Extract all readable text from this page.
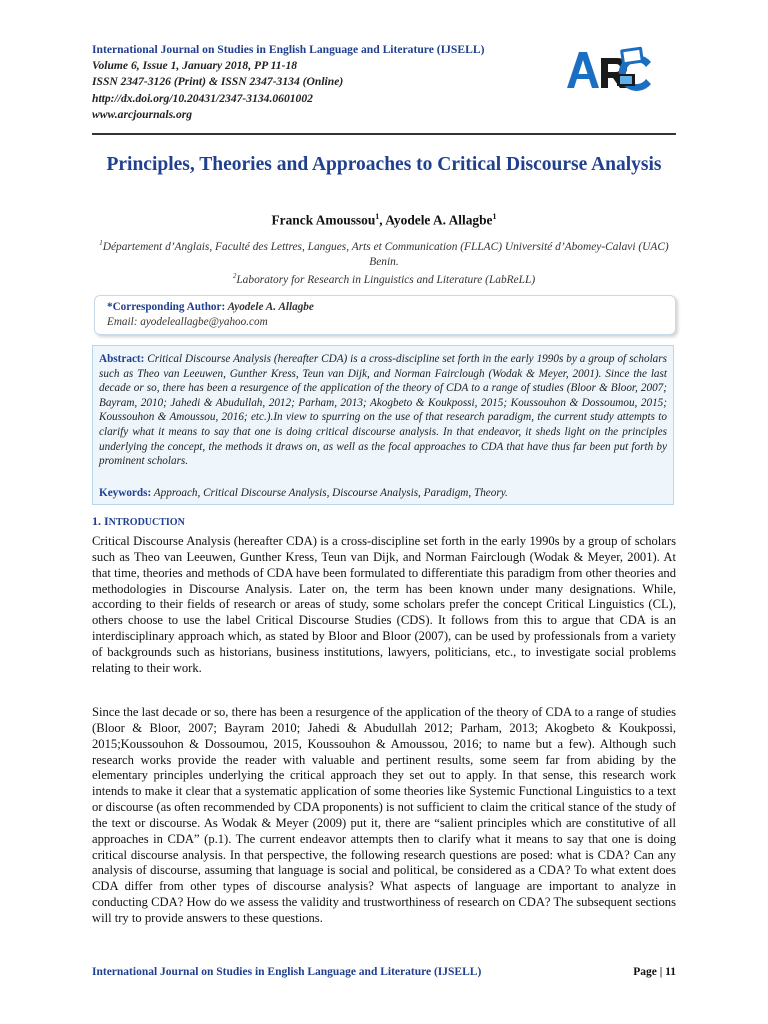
International Journal on Studies in English Language and Literature (IJSELL)
Volume 6, Issue 1, January 2018, PP 11-18
ISSN 2347-3126 (Print) & ISSN 2347-3134 (Online)
http://dx.doi.org/10.20431/2347-3134.0601002
www.arcjournals.org
ARC
Principles, Theories and Approaches to Critical Discourse Analysis
Franck Amoussou$^1$, Ayodele A. Allagbe$^1$
$^1$Département d’Anglais, Faculté des Lettres, Langues, Arts et Communication (FLLAC) Université d’Abomey-Calavi (UAC) Benin.
$^2$Laboratory for Research in Linguistics and Literature (LabReLL)
*Corresponding Author: Ayodele A. Allagbe
Email: ayodeleallagbe@yahoo.com
Abstract: Critical Discourse Analysis (hereafter CDA) is a cross-discipline set forth in the early 1990s by a group of scholars such as Theo van Leeuwen, Gunther Kress, Teun van Dijk, and Norman Fairclough (Wodak & Meyer, 2001). Since the last decade or so, there has been a resurgence of the application of the theory of CDA to a range of studies (Bloor & Bloor, 2007; Bayram, 2010; Jahedi & Abudullah, 2012; Parham, 2013; Akogbeto & Koukpossi, 2015; Koussouhon & Dossoumou, 2015; Koussouhon & Amoussou, 2016; etc.).In view to spurring on the use of that research paradigm, the current study attempts to clarify what it means to say that one is doing critical discourse analysis. In that endeavor, it sheds light on the principles underlying the concept, the methods it draws on, as well as the focal approaches to CDA that have thus far been put forth by prominent scholars.
Keywords: Approach, Critical Discourse Analysis, Discourse Analysis, Paradigm, Theory.
1. INTRODUCTION
Critical Discourse Analysis (hereafter CDA) is a cross-discipline set forth in the early 1990s by a group of scholars such as Theo van Leeuwen, Gunther Kress, Teun van Dijk, and Norman Fairclough (Wodak & Meyer, 2001). At that time, theories and methods of CDA have been formulated to differentiate this paradigm from other theories and methodologies in Discourse Analysis. Later on, the term has been known under many designations. While, according to their fields of research or areas of study, some scholars prefer the concept Critical Linguistics (CL), others choose to use the label Critical Discourse Studies (CDS). It follows from this to argue that CDA is an interdisciplinary approach which, as stated by Bloor and Bloor (2007), can be used by professionals from a variety of backgrounds such as historians, business institutions, lawyers, politicians, etc., to investigate social problems relating to their work.
Since the last decade or so, there has been a resurgence of the application of the theory of CDA to a range of studies (Bloor & Bloor, 2007; Bayram 2010; Jahedi & Abudullah 2012; Parham, 2013; Akogbeto & Koukpossi, 2015;Koussouhon & Dossoumou, 2015, Koussouhon & Amoussou, 2016; to name but a few). Although such research works provide the reader with valuable and pertinent results, some seem far from abiding by the elementary principles underlying the critical approach they set out to apply. In that sense, this research work intends to make it clear that a systematic application of some theories like Systemic Functional Linguistics to a text or discourse (as often recommended by CDA proponents) is not sufficient to claim the critical stance of the study of the text or discourse. As Wodak & Meyer (2009) put it, there are “salient principles which are constitutive of all approaches in CDA” (p.1). The current endeavor attempts then to clarify what it means to say that one is doing critical discourse analysis. In that perspective, the following research questions are posed: what is CDA? Can any analysis of discourse, assuming that language is social and political, be considered as a CDA? To what extent does CDA differ from other types of discourse analysis? What aspects of language are important to analyze in conducting CDA? How do we assess the validity and trustworthiness of research on CDA? The subsequent sections will try to provide answers to these questions.
International Journal on Studies in English Language and Literature (IJSELL)	Page | 11
